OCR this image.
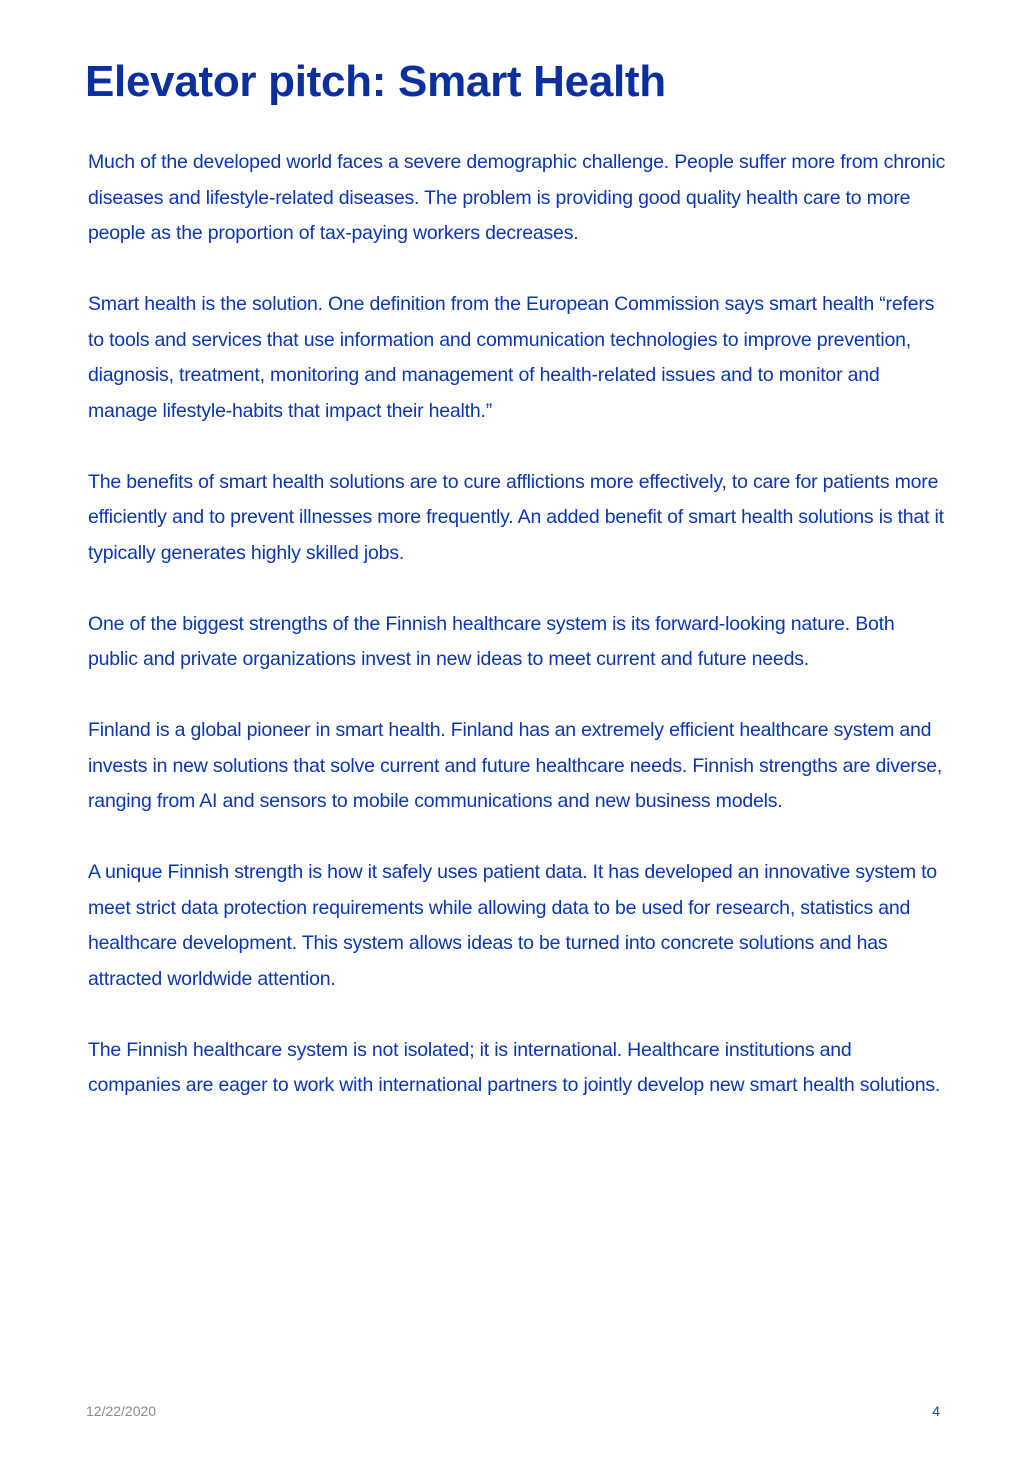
Elevator pitch: Smart Health

Much of the developed world faces a severe demographic challenge. People suffer more from chronic diseases and lifestyle-related diseases. The problem is providing good quality health care to more people as the proportion of tax-paying workers decreases.

Smart health is the solution. One definition from the European Commission says smart health “refers to tools and services that use information and communication technologies to improve prevention, diagnosis, treatment, monitoring and management of health-related issues and to monitor and manage lifestyle-habits that impact their health.”

The benefits of smart health solutions are to cure afflictions more effectively, to care for patients more efficiently and to prevent illnesses more frequently. An added benefit of smart health solutions is that it typically generates highly skilled jobs.

One of the biggest strengths of the Finnish healthcare system is its forward-looking nature. Both public and private organizations invest in new ideas to meet current and future needs.

Finland is a global pioneer in smart health. Finland has an extremely efficient healthcare system and invests in new solutions that solve current and future healthcare needs. Finnish strengths are diverse, ranging from AI and sensors to mobile communications and new business models.

A unique Finnish strength is how it safely uses patient data. It has developed an innovative system to meet strict data protection requirements while allowing data to be used for research, statistics and healthcare development. This system allows ideas to be turned into concrete solutions and has attracted worldwide attention.

The Finnish healthcare system is not isolated; it is international. Healthcare institutions and companies are eager to work with international partners to jointly develop new smart health solutions.

12/22/2020	4
